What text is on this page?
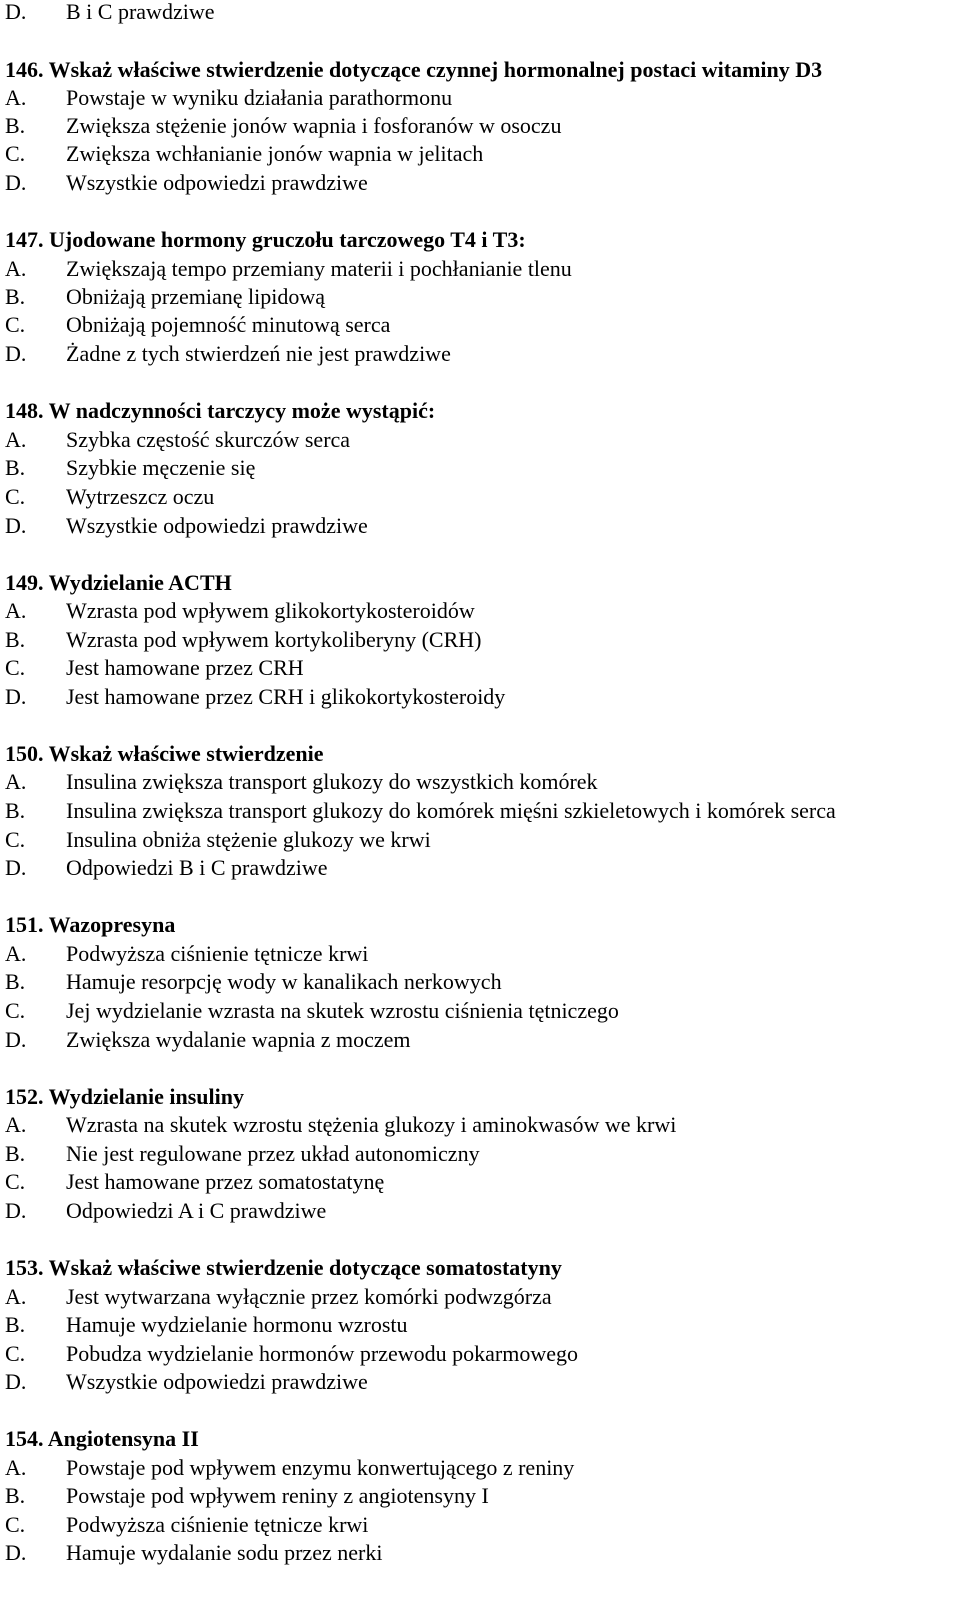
D. B i C prawdziwe
146. Wskaż właściwe stwierdzenie dotyczące czynnej hormonalnej postaci witaminy D3
A. Powstaje w wyniku działania parathormonu
B. Zwiększa stężenie jonów wapnia i fosforanów w osoczu
C. Zwiększa wchłanianie jonów wapnia w jelitach
D. Wszystkie odpowiedzi prawdziwe
147. Ujodowane hormony gruczołu tarczowego T4 i T3:
A. Zwiększają tempo przemiany materii i pochłanianie tlenu
B. Obniżają przemianę lipidową
C. Obniżają pojemność minutową serca
D. Żadne z tych stwierdzeń nie jest prawdziwe
148. W nadczynności tarczycy może wystąpić:
A. Szybka częstość skurczów serca
B. Szybkie męczenie się
C. Wytrzeszcz oczu
D. Wszystkie odpowiedzi prawdziwe
149. Wydzielanie ACTH
A. Wzrasta pod wpływem glikokortykosteroidów
B. Wzrasta pod wpływem kortykoliberyny (CRH)
C. Jest hamowane przez CRH
D. Jest hamowane przez CRH i glikokortykosteroidy
150. Wskaż właściwe stwierdzenie
A. Insulina zwiększa transport glukozy do wszystkich komórek
B. Insulina zwiększa transport glukozy do komórek mięśni szkieletowych i komórek serca
C. Insulina obniża stężenie glukozy we krwi
D. Odpowiedzi B i C prawdziwe
151. Wazopresyna
A. Podwyższa ciśnienie tętnicze krwi
B. Hamuje resorpcję wody w kanalikach nerkowych
C. Jej wydzielanie wzrasta na skutek wzrostu ciśnienia tętniczego
D. Zwiększa wydalanie wapnia z moczem
152. Wydzielanie insuliny
A. Wzrasta na skutek wzrostu stężenia glukozy i aminokwasów we krwi
B. Nie jest regulowane przez układ autonomiczny
C. Jest hamowane przez somatostatynę
D. Odpowiedzi A i C prawdziwe
153. Wskaż właściwe stwierdzenie dotyczące somatostatyny
A. Jest wytwarzana wyłącznie przez komórki podwzgórza
B. Hamuje wydzielanie hormonu wzrostu
C. Pobudza wydzielanie hormonów przewodu pokarmowego
D. Wszystkie odpowiedzi prawdziwe
154. Angiotensyna II
A. Powstaje pod wpływem enzymu konwertującego z reniny
B. Powstaje pod wpływem reniny z angiotensyny I
C. Podwyższa ciśnienie tętnicze krwi
D. Hamuje wydalanie sodu przez nerki
